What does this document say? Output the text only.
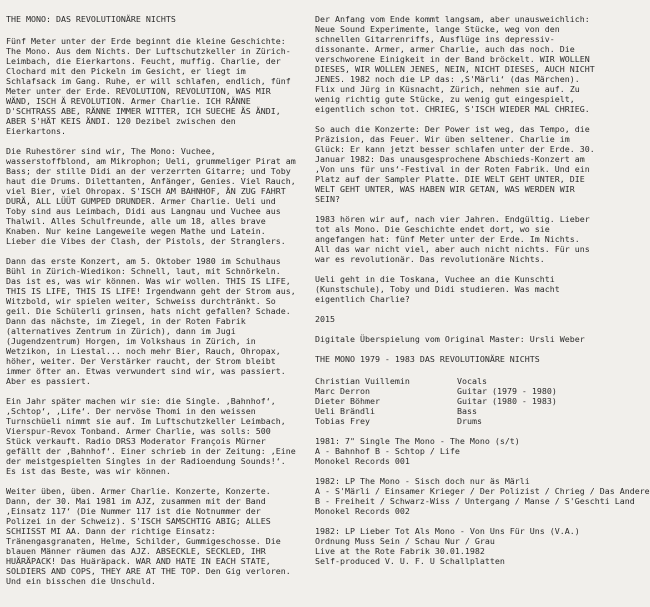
THE MONO: DAS REVOLUTIONÄRE NICHTS

Fünf Meter unter der Erde beginnt die kleine Geschichte: The Mono. Aus dem Nichts. Der Luftschutzkeller in Zürich-Leimbach, die Eierkartons. Feucht, muffig. Charlie, der Clochard mit den Pickeln im Gesicht, er liegt im Schlafsack im Gang. Ruhe, er will schlafen, endlich, fünf Meter unter der Erde. REVOLUTION, REVOLUTION, WAS MIR WÄND, ISCH Ä REVOLUTION. Armer Charlie. ICH RÄNNE D'SCHTRASS ABE, RÄNNE IMMER WITTER, ICH SUECHE ÄS ÄNDI, ABER S'HÄT KEIS ÄNDI. 120 Dezibel zwischen den Eierkartons.

Die Ruhestörer sind wir, The Mono: Vuchee, wasserstoffblond, am Mikrophon; Ueli, grummeliger Pirat am Bass; der stille Didi an der verzerrten Gitarre; und Toby haut die Drums. Dilettanten, Anfänger, Genies. Viel Rauch, viel Bier, viel Ohropax. S'ISCH AM BAHNHOF, ÄN ZUG FAHRT DURÄ, ALL LÜÜT GUMPED DRUNDER. Armer Charlie. Ueli und Toby sind aus Leimbach, Didi aus Langnau und Vuchee aus Thalwil. Alles Schulfreunde, alle um 18, alles brave Knaben. Nur keine Langeweile wegen Mathe und Latein. Lieber die Vibes der Clash, der Pistols, der Stranglers.

Dann das erste Konzert, am 5. Oktober 1980 im Schulhaus Bühl in Zürich-Wiedikon: Schnell, laut, mit Schnörkeln. Das ist es, was wir können. Was wir wollen. THIS IS LIFE, THIS IS LIFE, THIS IS LIFE! Irgendwann geht der Strom aus, Witzbold, wir spielen weiter, Schweiss durchtränkt. So geil. Die Schülerli grinsen, hats nicht gefallen? Schade. Dann das nächste, im Ziegel, in der Roten Fabrik (alternatives Zentrum in Zürich), dann im Jugi (Jugendzentrum) Horgen, im Volkshaus in Zürich, in Wetzikon, in Liestal... noch mehr Bier, Rauch, Ohropax, höher, weiter. Der Verstärker raucht, der Strom bleibt immer öfter an. Etwas verwundert sind wir, was passiert. Aber es passiert.

Ein Jahr später machen wir sie: die Single. ‚Bahnhof‘, ‚Schtop‘, ‚Life‘. Der nervöse Thomi in den weissen Turnschüeli nimmt sie auf. Im Luftschutzkeller Leimbach, Vierspur-Revox Tonband. Armer Charlie, was solls: 500 Stück verkauft. Radio DRS3 Moderator François Mürner gefällt der ‚Bahnhof‘. Einer schrieb in der Zeitung: ‚Eine der meistgespielten Singles in der Radioendung Sounds!‘. Es ist das Beste, was wir können.

Weiter üben, üben. Armer Charlie. Konzerte, Konzerte. Dann, der 30. Mai 1981 im AJZ, zusammen mit der Band ‚Einsatz 117‘ (Die Nummer 117 ist die Notnummer der Polizei in der Schweiz). S'ISCH SAMSCHTIG ABIG; ALLES SCHIISST MI AA. Dann der richtige Einsatz: Tränengasgranaten, Helme, Schilder, Gummigeschosse. Die blauen Männer räumen das AJZ. ABSECKLE, SECKLED, IHR HUÄRÄPACK! Das Huäräpack. WAR AND HATE IN EACH STATE, SOLDIERS AND COPS, THEY ARE AT THE TOP. Den Gig verloren. Und ein bisschen die Unschuld.

Der Anfang vom Ende kommt langsam, aber unausweichlich: Neue Sound Experimente, lange Stücke, weg von den schnellen Gitarrenriffs, Ausflüge ins depressiv-dissonante. Armer, armer Charlie, auch das noch. Die verschworene Einigkeit in der Band bröckelt. WIR WOLLEN DIESES, WIR WOLLEN JENES, NEIN, NICHT DIESES, AUCH NICHT JENES. 1982 noch die LP das: ‚S'Märli‘ (das Märchen). Flix und Jürg in Küsnacht, Zürich, nehmen sie auf. Zu wenig richtig gute Stücke, zu wenig gut eingespielt, eigentlich schon tot. CHRIEG, S'ISCH WIEDER MAL CHRIEG.

So auch die Konzerte: Der Power ist weg, das Tempo, die Präzision, das Feuer. Wir üben seltener. Charlie im Glück: Er kann jetzt besser schlafen unter der Erde. 30. Januar 1982: Das unausgesprochene Abschieds-Konzert am ‚Von uns für uns‘-Festival in der Roten Fabrik. Und ein Platz auf der Sampler Platte. DIE WELT GEHT UNTER, DIE WELT GEHT UNTER, WAS HABEN WIR GETAN, WAS WERDEN WIR SEIN?

1983 hören wir auf, nach vier Jahren. Endgültig. Lieber tot als Mono. Die Geschichte endet dort, wo sie angefangen hat: fünf Meter unter der Erde. Im Nichts. All das war nicht viel, aber auch nicht nichts. Für uns war es revolutionär. Das revolutionäre Nichts.

Ueli geht in die Toskana, Vuchee an die Kunschti (Kunstschule), Toby und Didi studieren. Was macht eigentlich Charlie?

2015

Digitale Überspielung vom Original Master: Ursli Weber

THE MONO 1979 - 1983 DAS REVOLUTIONÄRE NICHTS

Christian Vuillemin	Vocals
Marc Derron	Guitar (1979 - 1980)
Dieter Böhmer	Guitar (1980 - 1983)
Ueli Brändli	Bass
Tobias Frey	Drums
1981: 7" Single The Mono - The Mono (s/t)
A - Bahnhof B - Schtop / Life
Monokel Records 001
1982: LP The Mono - Sisch doch nur äs Märli
A - S'Märli / Einsamer Krieger / Der Polizist / Chrieg / Das Andere
B - Freiheit / Schwarz-Wiss / Untergang / Manse / S'Geschti Land
Monokel Records 002
1982: LP Lieber Tot Als Mono - Von Uns Für Uns (V.A.)
Ordnung Muss Sein / Schau Nur / Grau
Live at the Rote Fabrik 30.01.1982
Self-produced V. U. F. U Schallplatten
